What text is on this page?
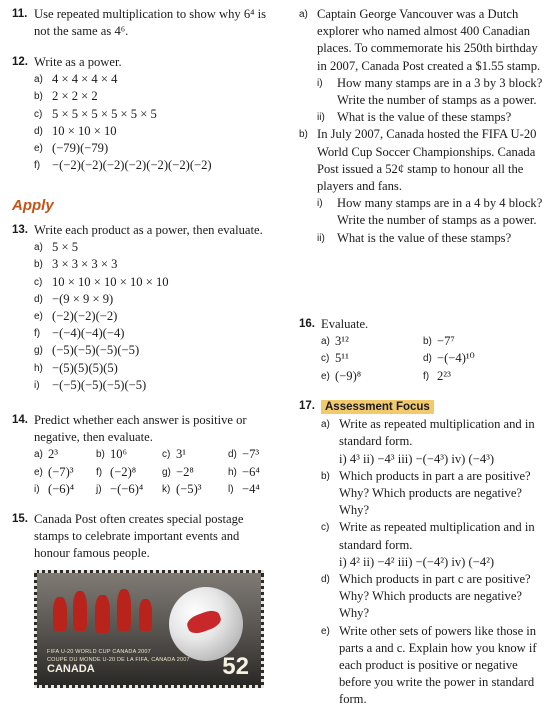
11. Use repeated multiplication to show why 6⁴ is not the same as 4⁶.
12. Write as a power.
a) 4 × 4 × 4 × 4
b) 2 × 2 × 2
c) 5 × 5 × 5 × 5 × 5 × 5
d) 10 × 10 × 10
e) (−79)(−79)
f) −(−2)(−2)(−2)(−2)(−2)(−2)(−2)
Apply
13. Write each product as a power, then evaluate.
a) 5 × 5
b) 3 × 3 × 3 × 3
c) 10 × 10 × 10 × 10 × 10
d) −(9 × 9 × 9)
e) (−2)(−2)(−2)
f) −(−4)(−4)(−4)
g) (−5)(−5)(−5)(−5)
h) −(5)(5)(5)(5)
i) −(−5)(−5)(−5)(−5)
14. Predict whether each answer is positive or negative, then evaluate.
a) 2³	b) 10⁶	c) 3¹	d) −7³
e) (−7)³	f) (−2)⁸	g) −2⁸	h) −6⁴
i) (−6)⁴	j) −(−6)⁴	k) (−5)³	l) −4⁴
15. Canada Post often creates special postage stamps to celebrate important events and honour famous people.
FIFA U-20 WORLD CUP CANADA 2007
COUPE DU MONDE U-20 DE LA FIFA, CANADA 2007
CANADA	52
a) Captain George Vancouver was a Dutch explorer who named almost 400 Canadian places. To commemorate his 250th birthday in 2007, Canada Post created a $1.55 stamp.
i) How many stamps are in a 3 by 3 block? Write the number of stamps as a power.
ii) What is the value of these stamps?
b) In July 2007, Canada hosted the FIFA U-20 World Cup Soccer Championships. Canada Post issued a 52¢ stamp to honour all the players and fans.
i) How many stamps are in a 4 by 4 block? Write the number of stamps as a power.
ii) What is the value of these stamps?
16. Evaluate.
a) 3¹²	b) −7⁷
c) 5¹¹	d) −(−4)¹⁰
e) (−9)⁸	f) 2²³
17. Assessment Focus
a) Write as repeated multiplication and in standard form.
i) 4³ ii) −4³ iii) −(−4³) iv) (−4³)
b) Which products in part a are positive? Why? Which products are negative? Why?
c) Write as repeated multiplication and in standard form.
i) 4² ii) −4² iii) −(−4²) iv) (−4²)
d) Which products in part c are positive? Why? Which products are negative? Why?
e) Write other sets of powers like those in parts a and c. Explain how you know if each product is positive or negative before you write the power in standard form.
